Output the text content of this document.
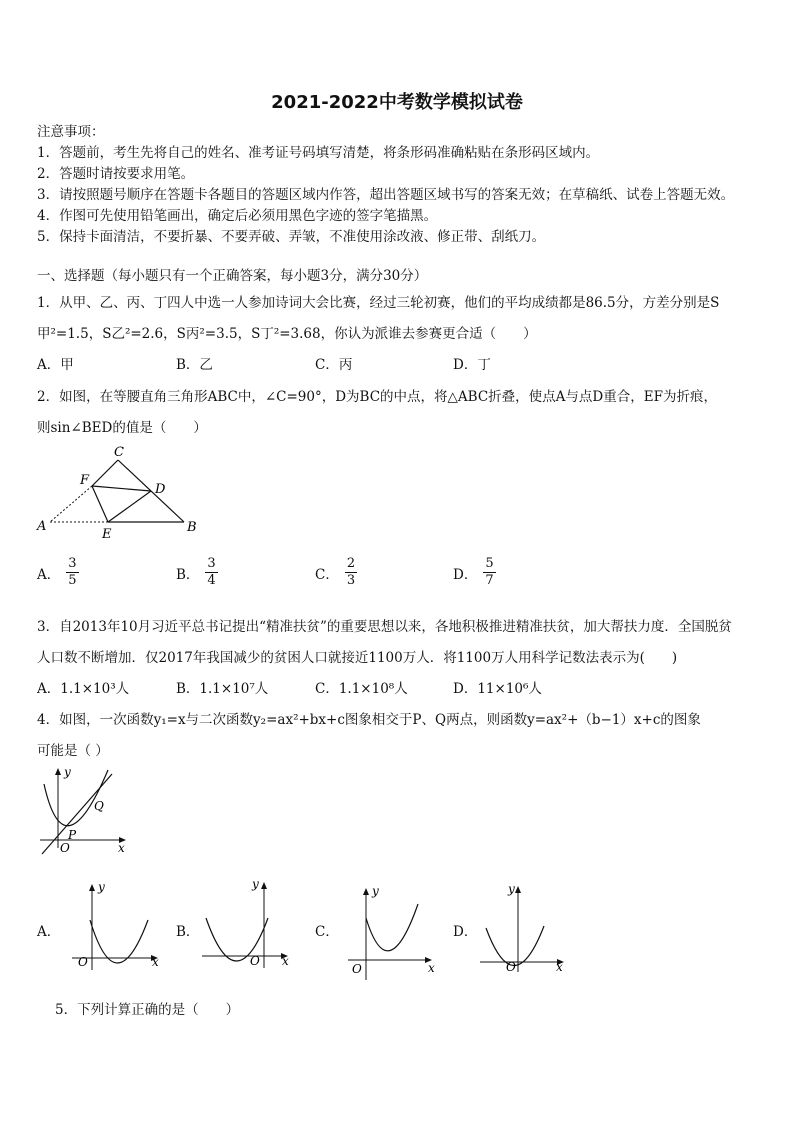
2021-2022中考数学模拟试卷
注意事项：
1．答题前，考生先将自己的姓名、准考证号码填写清楚，将条形码准确粘贴在条形码区域内。
2．答题时请按要求用笔。
3．请按照题号顺序在答题卡各题目的答题区域内作答，超出答题区域书写的答案无效；在草稿纸、试卷上答题无效。
4．作图可先使用铅笔画出，确定后必须用黑色字迹的签字笔描黑。
5．保持卡面清洁，不要折暴、不要弄破、弄皱，不准使用涂改液、修正带、刮纸刀。
一、选择题（每小题只有一个正确答案，每小题3分，满分30分）
1．从甲、乙、丙、丁四人中选一人参加诗词大会比赛，经过三轮初赛，他们的平均成绩都是86.5分，方差分别是S
甲²=1.5，S乙²=2.6，S丙²=3.5，S丁²=3.68，你认为派谁去参赛更合适（　　）
A．甲	B．乙	C．丙	D．丁
2．如图，在等腰直角三角形ABC中，∠C=90°，D为BC的中点，将△ABC折叠，使点A与点D重合，EF为折痕，
则sin∠BED的值是（　　）
C
F
D
A
E	B
A． $\frac{3}{5}$	B． $\frac{3}{4}$	C． $\frac{2}{3}$	D． $\frac{5}{7}$
3．自2013年10月习近平总书记提出“精准扶贫”的重要思想以来，各地积极推进精准扶贫，加大帮扶力度．全国脱贫
人口数不断增加．仅2017年我国减少的贫困人口就接近1100万人．将1100万人用科学记数法表示为(　　)
A．1.1×10³人	B．1.1×10⁷人	C．1.1×10⁸人	D．11×10⁶人
4．如图，一次函数y₁=x与二次函数y₂=ax²+bx+c图象相交于P、Q两点，则函数y=ax²+（b−1）x+c的图象
可能是（ ）
y
Q
P
O	x
A．
y
O	x
B．
y
O x
C．
y
O	x
D．
y
O	x
5．下列计算正确的是（　　）
